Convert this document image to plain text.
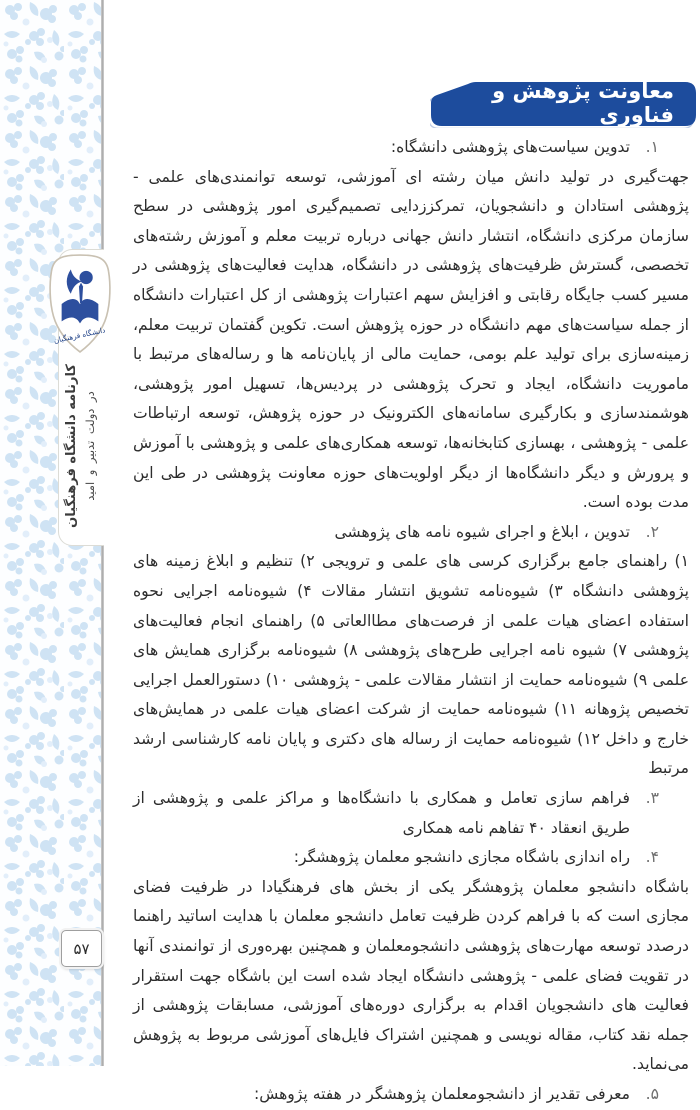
دانشگاه فرهنگیان
کارنامه دانشگاه فرهنگیان در دولت تدبیر و امید
۵۷
معاونت پژوهش و فناوری
۱.
تدوین سیاست‌های پژوهشی دانشگاه:
جهت‌گیری در تولید دانش میان رشته ای آموزشی، توسعه توانمندی‌های علمی - پژوهشی استادان و دانشجویان، تمرکززدایی تصمیم‌گیری امور پژوهشی در سطح سازمان مرکزی دانشگاه، انتشار دانش جهانی درباره تربیت معلم و آموزش رشته‌های تخصصی، گسترش ظرفیت‌های پژوهشی در دانشگاه، هدایت فعالیت‌های پژوهشی در مسیر کسب جایگاه رقابتی و افزایش سهم اعتبارات پژوهشی از کل اعتبارات دانشگاه از جمله سیاست‌های مهم دانشگاه در حوزه پژوهش است. تکوین گفتمان تربیت معلم، زمینه‌سازی برای تولید علم بومی، حمایت مالی از پایان‌نامه ها و رساله‌های مرتبط با ماموریت دانشگاه، ایجاد و تحرک پژوهشی در پردیس‌ها، تسهیل امور پژوهشی، هوشمندسازی و بکارگیری سامانه‌های الکترونیک در حوزه پژوهش، توسعه ارتباطات علمی - پژوهشی ، بهسازی کتابخانه‌ها، توسعه همکاری‌های علمی و پژوهشی با آموزش و پرورش و دیگر دانشگاه‌ها از دیگر اولویت‌های حوزه معاونت پژوهشی در طی این مدت بوده است.
۲.
تدوین ، ابلاغ و اجرای شیوه نامه های پژوهشی
۱) راهنمای جامع برگزاری کرسی های علمی و ترویجی ۲) تنظیم و ابلاغ زمینه های پژوهشی دانشگاه ۳) شیوه‌نامه تشویق انتشار مقالات ۴) شیوه‌نامه اجرایی نحوه استفاده اعضای هیات علمی از فرصت‌های مطاالعاتی ۵) راهنمای انجام فعالیت‌های پژوهشی ۷) شیوه نامه اجرایی طرح‌های پژوهشی ۸) شیوه‌نامه برگزاری همایش های علمی ۹) شیوه‌نامه حمایت از انتشار مقالات علمی - پژوهشی ۱۰) دستورالعمل اجرایی تخصیص پژوهانه ۱۱) شیوه‌نامه حمایت از شرکت اعضای هیات علمی در همایش‌های خارج و داخل ۱۲) شیوه‌نامه حمایت از رساله های دکتری و پایان نامه کارشناسی ارشد مرتبط
۳.
فراهم سازی تعامل و همکاری با دانشگاه‌ها و مراکز علمی و پژوهشی از طریق انعقاد ۴۰ تفاهم نامه همکاری
۴.
راه اندازی باشگاه مجازی دانشجو معلمان پژوهشگر:
باشگاه دانشجو معلمان پژوهشگر یکی از بخش های فرهنگیادا در ظرفیت فضای مجازی است که با فراهم کردن ظرفیت تعامل دانشجو معلمان با هدایت اساتید راهنما درصدد توسعه مهارت‌های پژوهشی دانشجومعلمان و همچنین بهره‌وری از توانمندی آنها در تقویت فضای علمی - پژوهشی دانشگاه ایجاد شده است این باشگاه جهت استقرار فعالیت های دانشجویان اقدام به برگزاری دوره‌های آموزشی، مسابقات پژوهشی از جمله نقد کتاب، مقاله نویسی و همچنین اشتراک فایل‌های آموزشی مربوط به پژوهش می‌نماید.
۵.
معرفی تقدیر از دانشجومعلمان پژوهشگر در هفته پژوهش:
